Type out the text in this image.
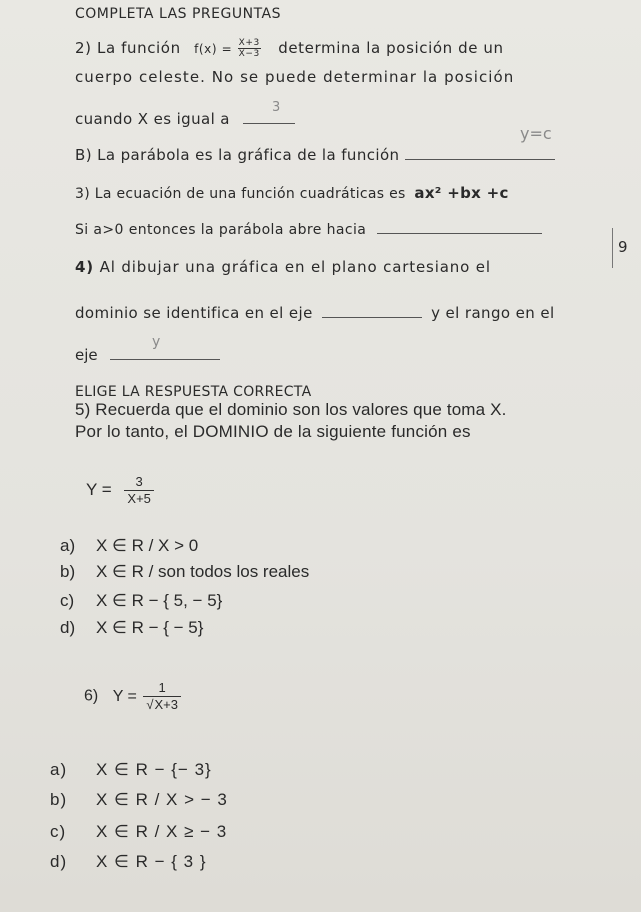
COMPLETA LAS PREGUNTAS
2) La función $f(x) = \frac{X+3}{X-3}$ determina la posición de un
cuerpo celeste. No se puede determinar la posición
cuando X es igual a
3
B) La parábola es la gráfica de la función
y=c
3) La ecuación de una función cuadráticas es ax² +bx +c
Si a>0 entonces la parábola abre hacia
4) Al dibujar una gráfica en el plano cartesiano el
9
dominio se identifica en el eje	y el rango en el
eje
y
ELIGE LA RESPUESTA CORRECTA
5) Recuerda que el dominio son los valores que toma X.
Por lo tanto, el DOMINIO de la siguiente función es
$Y = \frac{3}{X+5}$
a) X ∈ R / X > 0
b) X ∈ R / son todos los reales
c) X ∈ R − { 5, − 5}
d) X ∈ R − { − 5}
6) $Y = \frac{1}{√X+3}$
a) X ∈ R − {− 3}
b) X ∈ R / X > − 3
c) X ∈ R / X ≥ − 3
d) X ∈ R − { 3 }
